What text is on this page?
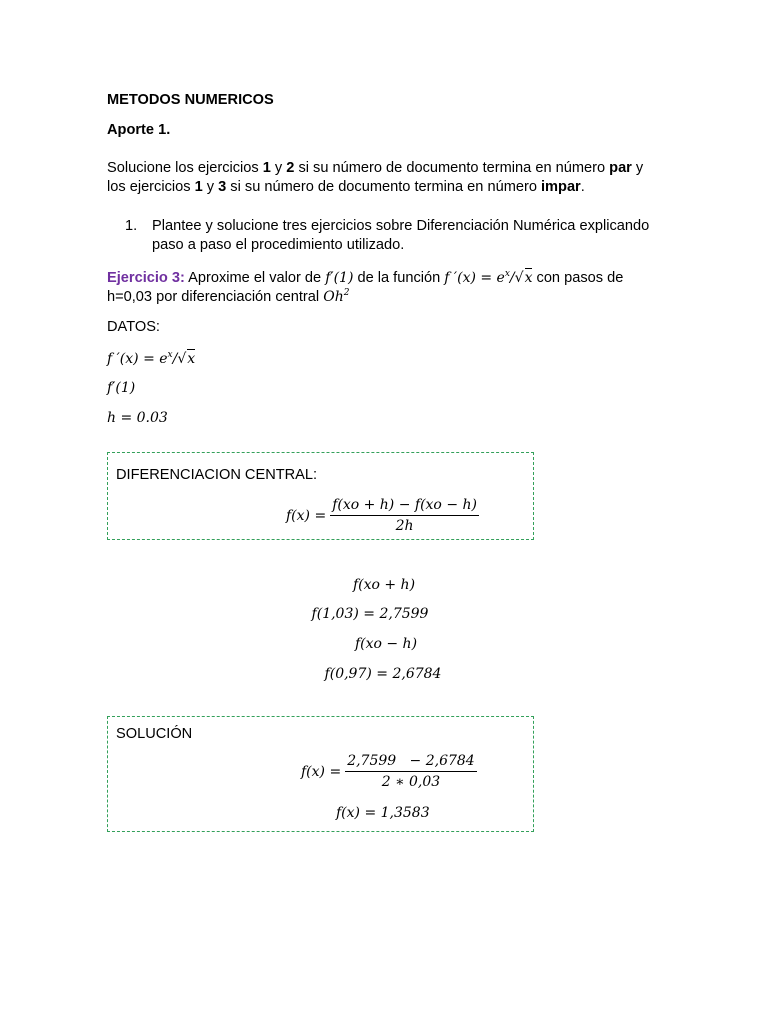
METODOS NUMERICOS
Aporte 1.
Solucione los ejercicios 1 y 2 si su número de documento termina en número par y
los ejercicios 1 y 3 si su número de documento termina en número impar.
1. Plantee y solucione tres ejercicios sobre Diferenciación Numérica explicando
paso a paso el procedimiento utilizado.
Ejercicio 3: Aproxime el valor de f′(1) de la función f $'(x) = e^x/√x$ con pasos de
h=0,03 por diferenciación central Oh$^2$
DATOS:
f $'(x) = e^x/√x$
f′(1)
h = 0.03
DIFERENCIACION CENTRAL:
$f(x) = \frac{f(xo + h) - f(xo - h)}{2h}$
f(xo + h)
f(1,03) = 2,7599
f(xo − h)
f(0,97) = 2,6784
SOLUCIÓN
$f(x) = \frac{2,7599 - 2,6784}{2 ∗ 0,03}$
f(x) = 1,3583
